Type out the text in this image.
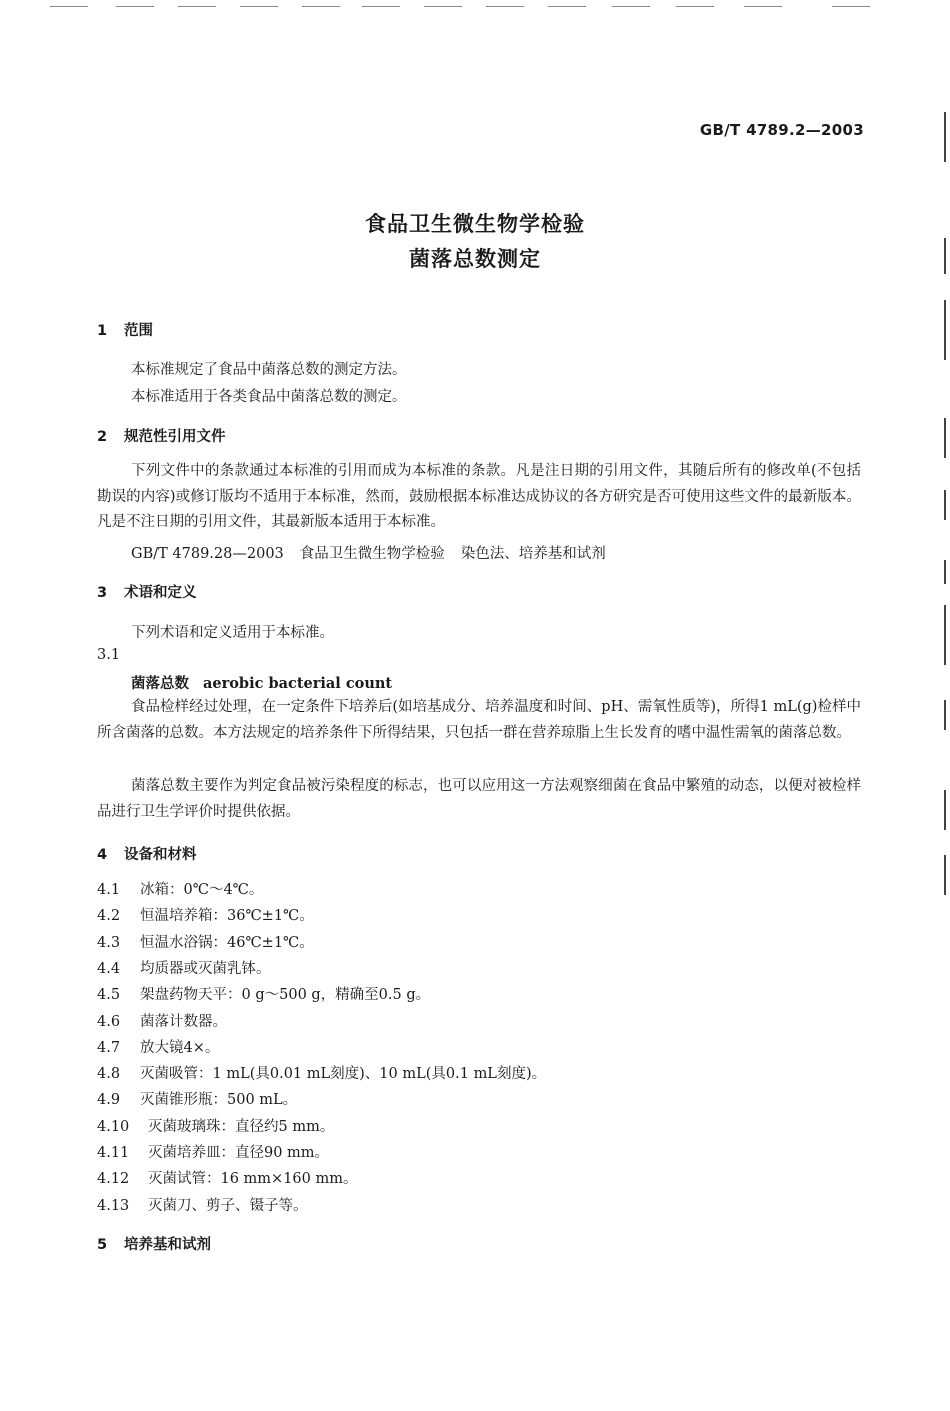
GB/T 4789.2—2003
食品卫生微生物学检验
菌落总数测定
1 范围
本标准规定了食品中菌落总数的测定方法。
本标准适用于各类食品中菌落总数的测定。
2 规范性引用文件
下列文件中的条款通过本标准的引用而成为本标准的条款。凡是注日期的引用文件，其随后所有的修改单(不包括勘误的内容)或修订版均不适用于本标准，然而，鼓励根据本标准达成协议的各方研究是否可使用这些文件的最新版本。凡是不注日期的引用文件，其最新版本适用于本标准。
GB/T 4789.28—2003 食品卫生微生物学检验 染色法、培养基和试剂
3 术语和定义
下列术语和定义适用于本标准。
3.1
菌落总数 aerobic bacterial count
食品检样经过处理，在一定条件下培养后(如培基成分、培养温度和时间、pH、需氧性质等)，所得1 mL(g)检样中所含菌落的总数。本方法规定的培养条件下所得结果，只包括一群在营养琼脂上生长发育的嗜中温性需氧的菌落总数。
菌落总数主要作为判定食品被污染程度的标志，也可以应用这一方法观察细菌在食品中繁殖的动态，以便对被检样品进行卫生学评价时提供依据。
4 设备和材料
4.1 冰箱：0℃～4℃。
4.2 恒温培养箱：36℃±1℃。
4.3 恒温水浴锅：46℃±1℃。
4.4 均质器或灭菌乳钵。
4.5 架盘药物天平：0 g～500 g，精确至0.5 g。
4.6 菌落计数器。
4.7 放大镜4×。
4.8 灭菌吸管：1 mL(具0.01 mL刻度)、10 mL(具0.1 mL刻度)。
4.9 灭菌锥形瓶：500 mL。
4.10 灭菌玻璃珠：直径约5 mm。
4.11 灭菌培养皿：直径90 mm。
4.12 灭菌试管：16 mm×160 mm。
4.13 灭菌刀、剪子、镊子等。
5 培养基和试剂
